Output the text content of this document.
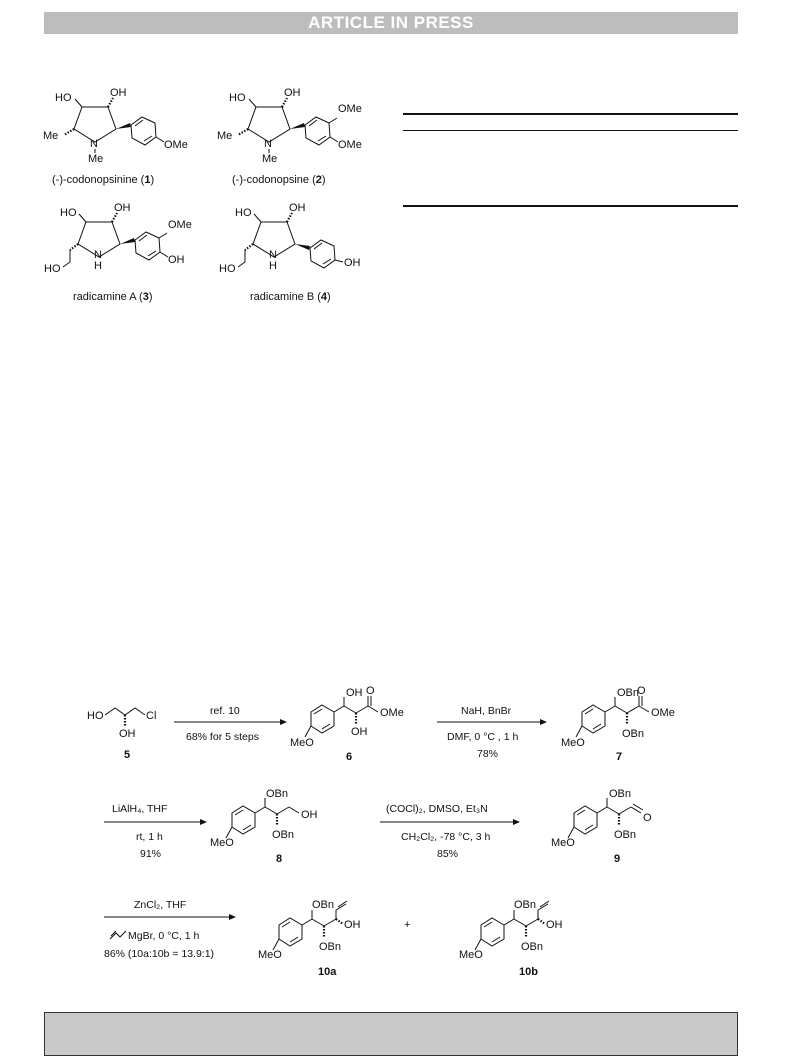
ARTICLE IN PRESS
HO	OH
Me
N
Me
OMe
(-)-codonopsinine (1)
HO	OH
Me
N
Me
OMe
OMe
(-)-codonopsine (2)
HO	OH
HO
N
H
OMe
OH
radicamine A (3)
HO	OH
HO
N
H	OH
radicamine B (4)
HO
OH
Cl
5
ref. 10
68% for 5 steps	MeO
OH
OH
O
OMe
6
NaH, BnBr
DMF, 0 °C , 1 h
78%
MeO
OBn
OBn
O
OMe
7
LiAlH₄, THF
rt, 1 h
91%
MeO
OBn
OBn
OH
8
(COCl)₂, DMSO, Et₃N
CH₂Cl₂, -78 °C, 3 h
85%
MeO
OBn
OBn
O
9
ZnCl₂, THF
MgBr, 0 °C, 1 h
86% (10a:10b = 13.9:1)	MeO
OBn
OBn
OH
10a
+
MeO
OBn
OBn
OH
10b
